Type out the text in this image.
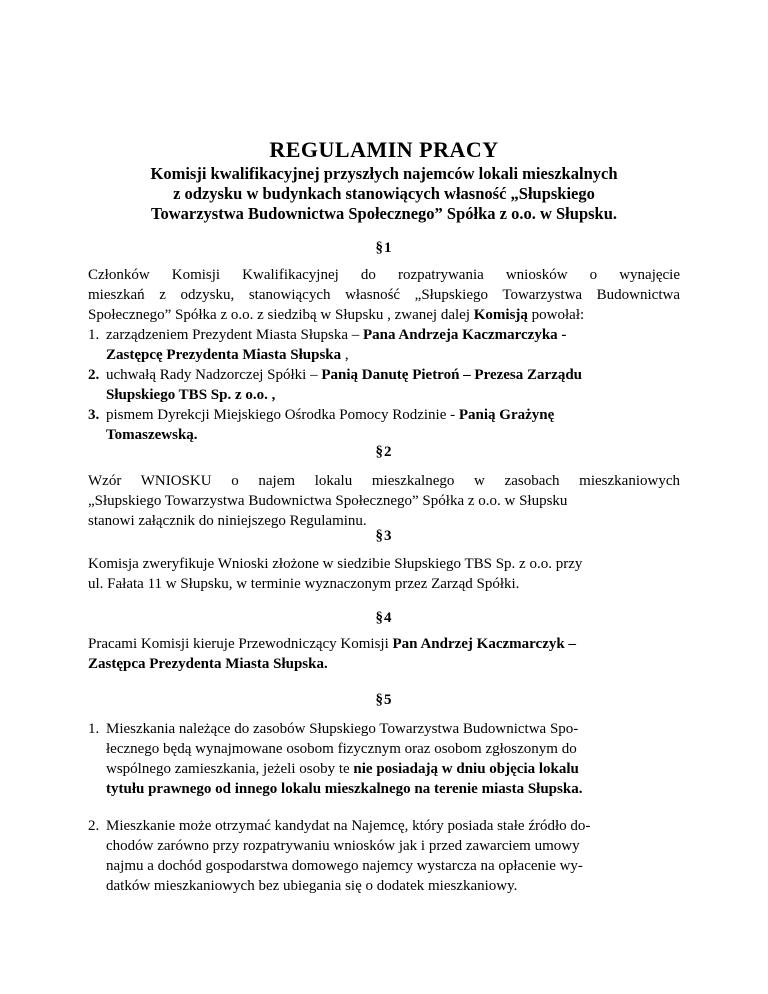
REGULAMIN PRACY
Komisji kwalifikacyjnej przyszłych najemców lokali mieszkalnych
z odzysku w budynkach stanowiących własność „Słupskiego
Towarzystwa Budownictwa Społecznego” Spółka z o.o. w Słupsku.
§1
Członków Komisji Kwalifikacyjnej do rozpatrywania wniosków o wynajęcie
mieszkań z odzysku, stanowiących własność „Słupskiego Towarzystwa Budownictwa
Społecznego” Spółka z o.o. z siedzibą w Słupsku , zwanej dalej Komisją powołał:
1. zarządzeniem Prezydent Miasta Słupska – Pana Andrzeja Kaczmarczyka -
Zastępcę Prezydenta Miasta Słupska ,
2. uchwałą Rady Nadzorczej Spółki – Panią Danutę Pietroń – Prezesa Zarządu
Słupskiego TBS Sp. z o.o. ,
3. pismem Dyrekcji Miejskiego Ośrodka Pomocy Rodzinie - Panią Grażynę
Tomaszewską.
§2
Wzór WNIOSKU o najem lokalu mieszkalnego w zasobach mieszkaniowych
„Słupskiego Towarzystwa Budownictwa Społecznego” Spółka z o.o. w Słupsku
stanowi załącznik do niniejszego Regulaminu.
§3
Komisja zweryfikuje Wnioski złożone w siedzibie Słupskiego TBS Sp. z o.o. przy
ul. Fałata 11 w Słupsku, w terminie wyznaczonym przez Zarząd Spółki.
§4
Pracami Komisji kieruje Przewodniczący Komisji Pan Andrzej Kaczmarczyk –
Zastępca Prezydenta Miasta Słupska.
§5
1. Mieszkania należące do zasobów Słupskiego Towarzystwa Budownictwa Spo-
łecznego będą wynajmowane osobom fizycznym oraz osobom zgłoszonym do
wspólnego zamieszkania, jeżeli osoby te nie posiadają w dniu objęcia lokalu
tytułu prawnego od innego lokalu mieszkalnego na terenie miasta Słupska.
2. Mieszkanie może otrzymać kandydat na Najemcę, który posiada stałe źródło do-
chodów zarówno przy rozpatrywaniu wniosków jak i przed zawarciem umowy
najmu a dochód gospodarstwa domowego najemcy wystarcza na opłacenie wy-
datków mieszkaniowych bez ubiegania się o dodatek mieszkaniowy.
